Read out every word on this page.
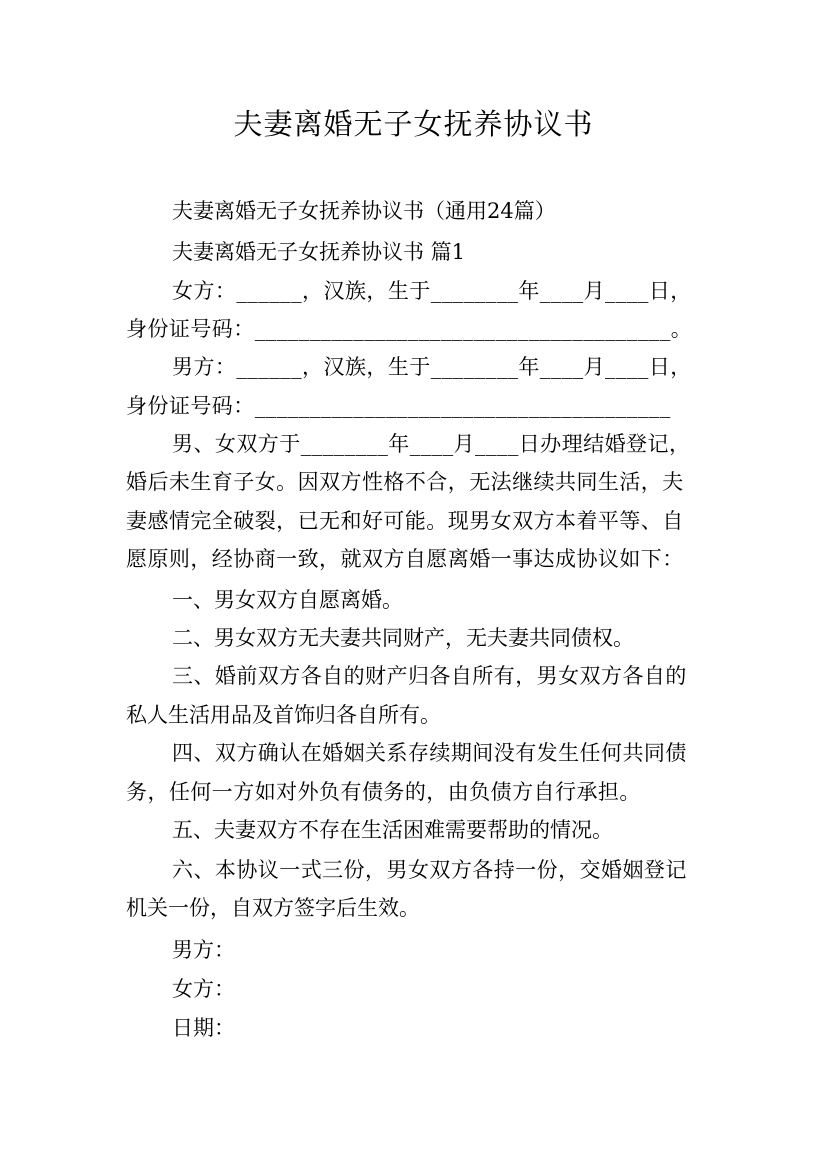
夫妻离婚无子女抚养协议书

夫妻离婚无子女抚养协议书（通用24篇）

夫妻离婚无子女抚养协议书 篇1

女方：______，汉族，生于________年____月____日，

身份证号码：______________________________________。

男方：______，汉族，生于________年____月____日，

身份证号码：______________________________________

男、女双方于________年____月____日办理结婚登记，

婚后未生育子女。因双方性格不合，无法继续共同生活，夫

妻感情完全破裂，已无和好可能。现男女双方本着平等、自

愿原则，经协商一致，就双方自愿离婚一事达成协议如下：

一、男女双方自愿离婚。

二、男女双方无夫妻共同财产，无夫妻共同债权。

三、婚前双方各自的财产归各自所有，男女双方各自的

私人生活用品及首饰归各自所有。

四、双方确认在婚姻关系存续期间没有发生任何共同债

务，任何一方如对外负有债务的，由负债方自行承担。

五、夫妻双方不存在生活困难需要帮助的情况。

六、本协议一式三份，男女双方各持一份，交婚姻登记

机关一份，自双方签字后生效。

男方：

女方：

日期：
